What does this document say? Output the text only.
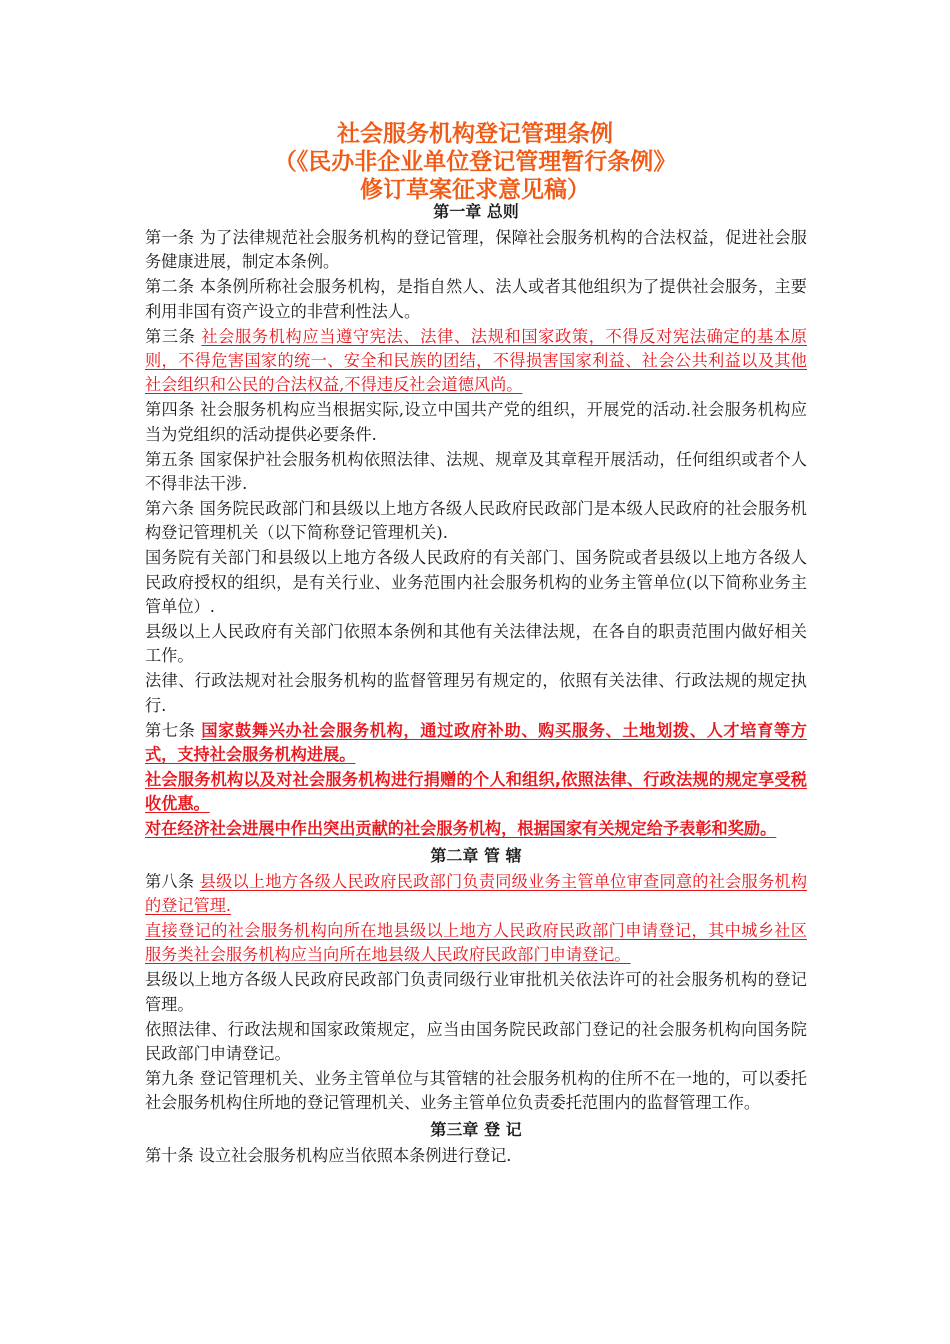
社会服务机构登记管理条例
（《民办非企业单位登记管理暂行条例》
修订草案征求意见稿）
第一章 总则

第一条 为了法律规范社会服务机构的登记管理，保障社会服务机构的合法权益，促进社会服务健康进展，制定本条例。

第二条 本条例所称社会服务机构，是指自然人、法人或者其他组织为了提供社会服务，主要利用非国有资产设立的非营利性法人。

第三条 社会服务机构应当遵守宪法、法律、法规和国家政策，不得反对宪法确定的基本原则，不得危害国家的统一、安全和民族的团结，不得损害国家利益、社会公共利益以及其他社会组织和公民的合法权益,不得违反社会道德风尚。

第四条 社会服务机构应当根据实际,设立中国共产党的组织，开展党的活动.社会服务机构应当为党组织的活动提供必要条件.

第五条 国家保护社会服务机构依照法律、法规、规章及其章程开展活动，任何组织或者个人不得非法干涉.

第六条 国务院民政部门和县级以上地方各级人民政府民政部门是本级人民政府的社会服务机构登记管理机关（以下简称登记管理机关).

国务院有关部门和县级以上地方各级人民政府的有关部门、国务院或者县级以上地方各级人民政府授权的组织，是有关行业、业务范围内社会服务机构的业务主管单位(以下简称业务主管单位）.

县级以上人民政府有关部门依照本条例和其他有关法律法规，在各自的职责范围内做好相关工作。

法律、行政法规对社会服务机构的监督管理另有规定的，依照有关法律、行政法规的规定执行.

第七条 国家鼓舞兴办社会服务机构，通过政府补助、购买服务、土地划拨、人才培育等方式，支持社会服务机构进展。

社会服务机构以及对社会服务机构进行捐赠的个人和组织,依照法律、行政法规的规定享受税收优惠。

对在经济社会进展中作出突出贡献的社会服务机构，根据国家有关规定给予表彰和奖励。

第二章 管 辖

第八条 县级以上地方各级人民政府民政部门负责同级业务主管单位审查同意的社会服务机构的登记管理.

直接登记的社会服务机构向所在地县级以上地方人民政府民政部门申请登记，其中城乡社区服务类社会服务机构应当向所在地县级人民政府民政部门申请登记。

县级以上地方各级人民政府民政部门负责同级行业审批机关依法许可的社会服务机构的登记管理。

依照法律、行政法规和国家政策规定，应当由国务院民政部门登记的社会服务机构向国务院民政部门申请登记。

第九条 登记管理机关、业务主管单位与其管辖的社会服务机构的住所不在一地的，可以委托社会服务机构住所地的登记管理机关、业务主管单位负责委托范围内的监督管理工作。

第三章 登 记

第十条 设立社会服务机构应当依照本条例进行登记.
